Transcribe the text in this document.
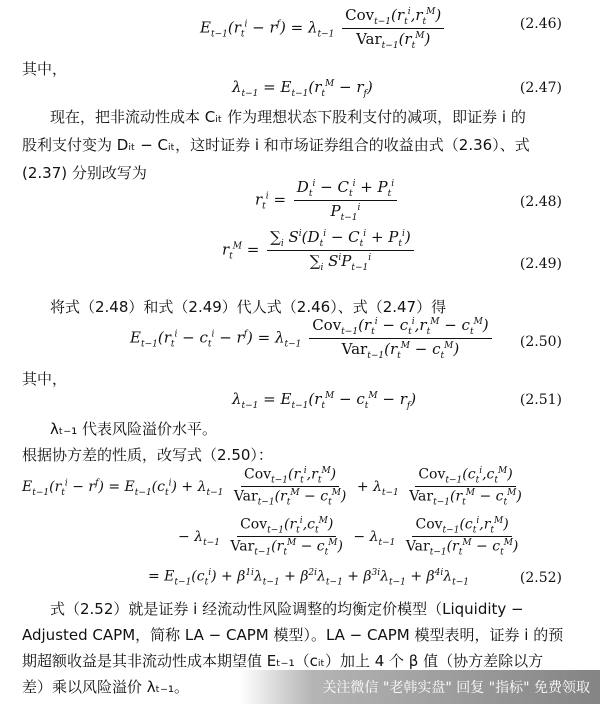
$E_{t-1}(r_t^i - r^f) = \lambda_{t-1} \frac{Cov_{t-1}(r_t^i,r_t^M)}{Var_{t-1}(r_t^M)}$	(2.46)
其中，
$\lambda_{t-1} = E_{t-1}(r_t^M - r_f)$	(2.47)
现在，把非流动性成本 Cᵢₜ 作为理想状态下股利支付的减项，即证券 i 的
股利支付变为 Dᵢₜ − Cᵢₜ，这时证券 i 和市场证券组合的收益由式（2.36）、式
(2.37) 分别改写为
$r_t^i = \frac{D_t^i - C_t^i + P_t^i}{P_{t-1}^i}$	(2.48)
$r_t^M = \frac{\sum_i S^i(D_t^i - C_t^i + P_t^i)}{\sum_i S^iP_{t-1}^i}$	(2.49)
将式（2.48）和式（2.49）代人式（2.46）、式（2.47）得
$E_{t-1}(r_t^i - c_t^i - r^f) = \lambda_{t-1} \frac{Cov_{t-1}(r_t^i - c_t^i,r_t^M - c_t^M)}{Var_{t-1}(r_t^M - c_t^M)} (2.50)$
其中，
$\lambda_{t-1} = E_{t-1}(r_t^M - c_t^M - r_f)$	(2.51)
λₜ₋₁ 代表风险溢价水平。
根据协方差的性质，改写式（2.50）：
$E_{t-1}(r_t^i - r^f) = E_{t-1}(c_t^i) + \lambda_{t-1} \frac{Cov_{t-1}(r_t^i,r_t^M)}{Var_{t-1}(r_t^M - c_t^M)} + \lambda_{t-1} \frac{Cov_{t-1}(c_t^i,c_t^M)}{Var_{t-1}(r_t^M - c_t^M)}$
− $\lambda_{t-1} \frac{Cov_{t-1}(r_t^i,c_t^M)}{Var_{t-1}(r_t^M - c_t^M)} - \lambda_{t-1} \frac{Cov_{t-1}(c_t^i,r_t^M)}{Var_{t-1}(r_t^M - c_t^M)}$
= $E_{t-1}(c_t^i) + \beta^{1i}\lambda_{t-1} + \beta^{2i}\lambda_{t-1} + \beta^{3i}\lambda_{t-1} + \beta^{4i}\lambda_{t-1}$	(2.52)
式（2.52）就是证券 i 经流动性风险调整的均衡定价模型（Liquidity −
Adjusted CAPM，简称 LA − CAPM 模型）。LA − CAPM 模型表明，证券 i 的预
期超额收益是其非流动性成本期望值 Eₜ₋₁（cᵢₜ）加上 4 个 β 值（协方差除以方
差）乘以风险溢价 λₜ₋₁。	关注微信 "老韩实盘" 回复 "指标" 免费领取
